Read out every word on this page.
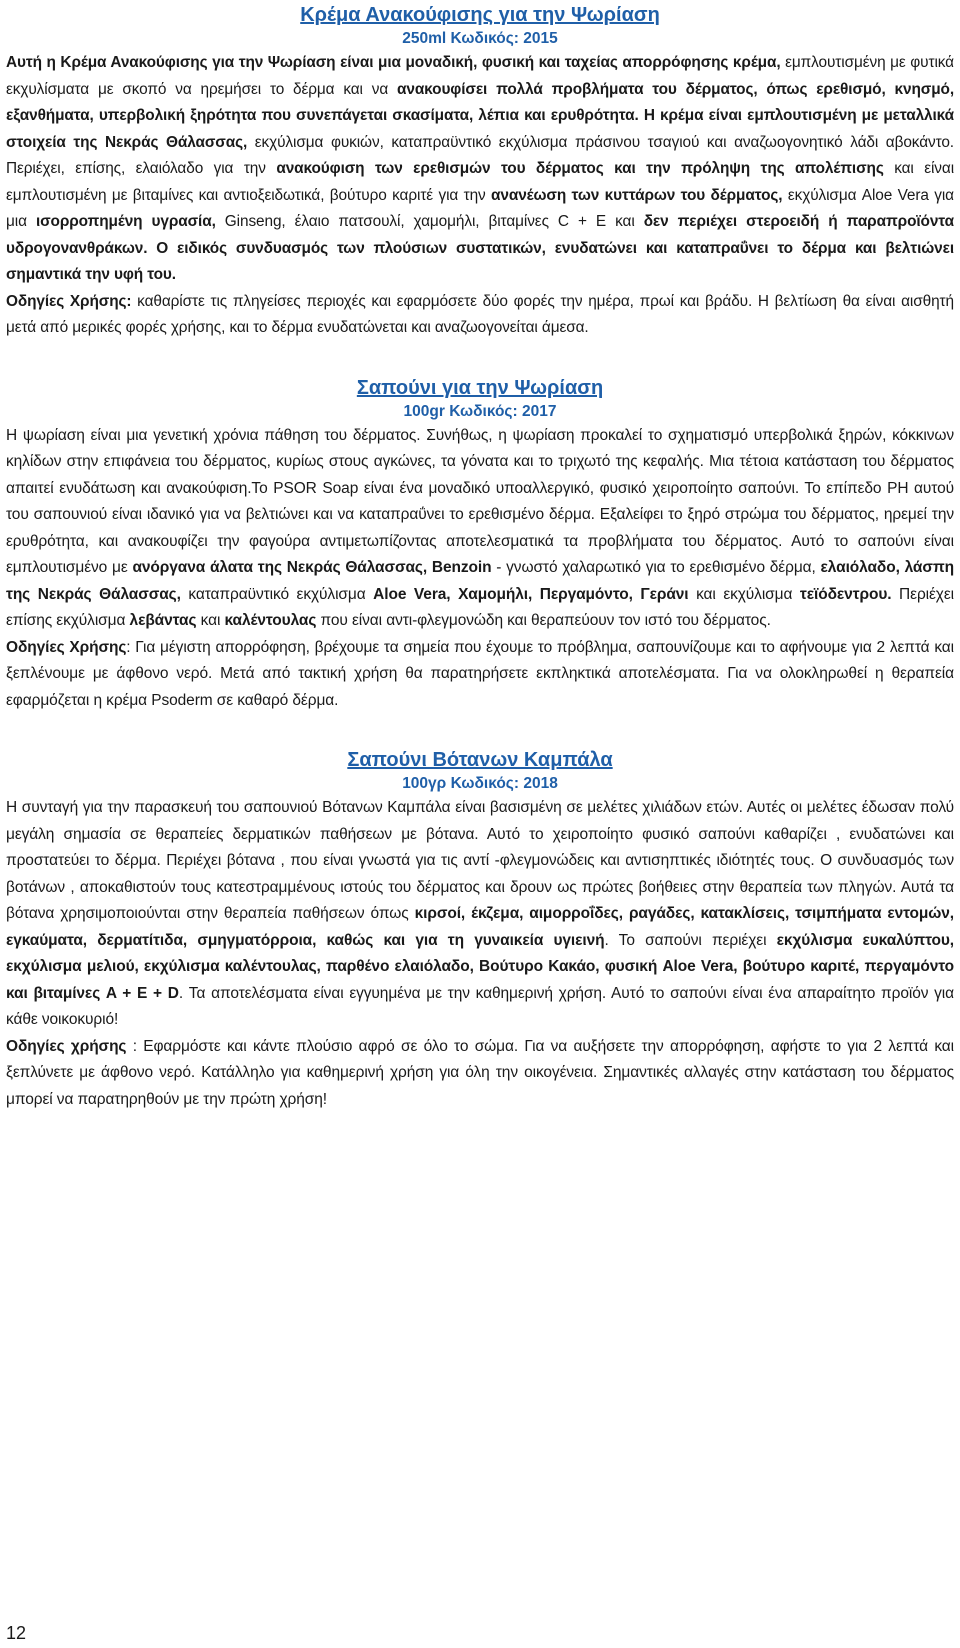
Κρέμα Ανακούφισης για την Ψωρίαση
250ml Κωδικός: 2015

Αυτή η Κρέμα Ανακούφισης για την Ψωρίαση είναι μια μοναδική, φυσική και ταχείας απορρόφησης κρέμα, εμπλουτισμένη με φυτικά εκχυλίσματα με σκοπό να ηρεμήσει το δέρμα και να ανακουφίσει πολλά προβλήματα του δέρματος, όπως ερεθισμό, κνησμό, εξανθήματα, υπερβολική ξηρότητα που συνεπάγεται σκασίματα, λέπια και ερυθρότητα. Η κρέμα είναι εμπλουτισμένη με μεταλλικά στοιχεία της Νεκράς Θάλασσας, εκχύλισμα φυκιών, καταπραϋντικό εκχύλισμα πράσινου τσαγιού και αναζωογονητικό λάδι αβοκάντο. Περιέχει, επίσης, ελαιόλαδο για την ανακούφιση των ερεθισμών του δέρματος και την πρόληψη της απολέπισης και είναι εμπλουτισμένη με βιταμίνες και αντιοξειδωτικά, βούτυρο καριτέ για την ανανέωση των κυττάρων του δέρματος, εκχύλισμα Aloe Vera για μια ισορροπημένη υγρασία, Ginseng, έλαιο πατσουλί, χαμομήλι, βιταμίνες C + E και δεν περιέχει στεροειδή ή παραπροϊόντα υδρογονανθράκων. Ο ειδικός συνδυασμός των πλούσιων συστατικών, ενυδατώνει και καταπραΰνει το δέρμα και βελτιώνει σημαντικά την υφή του.

Οδηγίες Χρήσης: καθαρίστε τις πληγείσες περιοχές και εφαρμόσετε δύο φορές την ημέρα, πρωί και βράδυ. Η βελτίωση θα είναι αισθητή μετά από μερικές φορές χρήσης, και το δέρμα ενυδατώνεται και αναζωογονείται άμεσα.

Σαπούνι για την Ψωρίαση
100gr Κωδικός: 2017

Η ψωρίαση είναι μια γενετική χρόνια πάθηση του δέρματος. Συνήθως, η ψωρίαση προκαλεί το σχηματισμό υπερβολικά ξηρών, κόκκινων κηλίδων στην επιφάνεια του δέρματος, κυρίως στους αγκώνες, τα γόνατα και το τριχωτό της κεφαλής. Μια τέτοια κατάσταση του δέρματος απαιτεί ενυδάτωση και ανακούφιση.Το PSOR Soap είναι ένα μοναδικό υποαλλεργικό, φυσικό χειροποίητο σαπούνι. Το επίπεδο PH αυτού του σαπουνιού είναι ιδανικό για να βελτιώνει και να καταπραΰνει το ερεθισμένο δέρμα. Εξαλείφει το ξηρό στρώμα του δέρματος, ηρεμεί την ερυθρότητα, και ανακουφίζει την φαγούρα αντιμετωπίζοντας αποτελεσματικά τα προβλήματα του δέρματος. Αυτό το σαπούνι είναι εμπλουτισμένο με ανόργανα άλατα της Νεκράς Θάλασσας, Benzoin - γνωστό χαλαρωτικό για το ερεθισμένο δέρμα, ελαιόλαδο, λάσπη της Νεκράς Θάλασσας, καταπραϋντικό εκχύλισμα Aloe Vera, Χαμομήλι, Περγαμόντο, Γεράνι και εκχύλισμα τεϊόδεντρου. Περιέχει επίσης εκχύλισμα λεβάντας και καλέντουλας που είναι αντι-φλεγμονώδη και θεραπεύουν τον ιστό του δέρματος.

Οδηγίες Χρήσης: Για μέγιστη απορρόφηση, βρέχουμε τα σημεία που έχουμε το πρόβλημα, σαπουνίζουμε και το αφήνουμε για 2 λεπτά και ξεπλένουμε με άφθονο νερό. Μετά από τακτική χρήση θα παρατηρήσετε εκπληκτικά αποτελέσματα. Για να ολοκληρωθεί η θεραπεία εφαρμόζεται η κρέμα Psoderm σε καθαρό δέρμα.

Σαπούνι Βότανων Καμπάλα
100γρ Κωδικός: 2018

Η συνταγή για την παρασκευή του σαπουνιού Βότανων Καμπάλα είναι βασισμένη σε μελέτες χιλιάδων ετών. Αυτές οι μελέτες έδωσαν πολύ μεγάλη σημασία σε θεραπείες δερματικών παθήσεων με βότανα. Αυτό το χειροποίητο φυσικό σαπούνι καθαρίζει , ενυδατώνει και προστατεύει το δέρμα. Περιέχει βότανα , που είναι γνωστά για τις αντί -φλεγμονώδεις και αντισηπτικές ιδιότητές τους. Ο συνδυασμός των βοτάνων , αποκαθιστούν τους κατεστραμμένους ιστούς του δέρματος και δρουν ως πρώτες βοήθειες στην θεραπεία των πληγών. Αυτά τα βότανα χρησιμοποιούνται στην θεραπεία παθήσεων όπως κιρσοί, έκζεμα, αιμορροΐδες, ραγάδες, κατακλίσεις, τσιμπήματα εντομών, εγκαύματα, δερματίτιδα, σμηγματόρροια, καθώς και για τη γυναικεία υγιεινή. Το σαπούνι περιέχει εκχύλισμα ευκαλύπτου, εκχύλισμα μελιού, εκχύλισμα καλέντουλας, παρθένο ελαιόλαδο, Βούτυρο Κακάο, φυσική Aloe Vera, βούτυρο καριτέ, περγαμόντο και βιταμίνες A + E + D. Τα αποτελέσματα είναι εγγυημένα με την καθημερινή χρήση. Αυτό το σαπούνι είναι ένα απαραίτητο προϊόν για κάθε νοικοκυριό!

Οδηγίες χρήσης : Εφαρμόστε και κάντε πλούσιο αφρό σε όλο το σώμα. Για να αυξήσετε την απορρόφηση, αφήστε το για 2 λεπτά και ξεπλύνετε με άφθονο νερό. Κατάλληλο για καθημερινή χρήση για όλη την οικογένεια. Σημαντικές αλλαγές στην κατάσταση του δέρματος μπορεί να παρατηρηθούν με την πρώτη χρήση!

12
